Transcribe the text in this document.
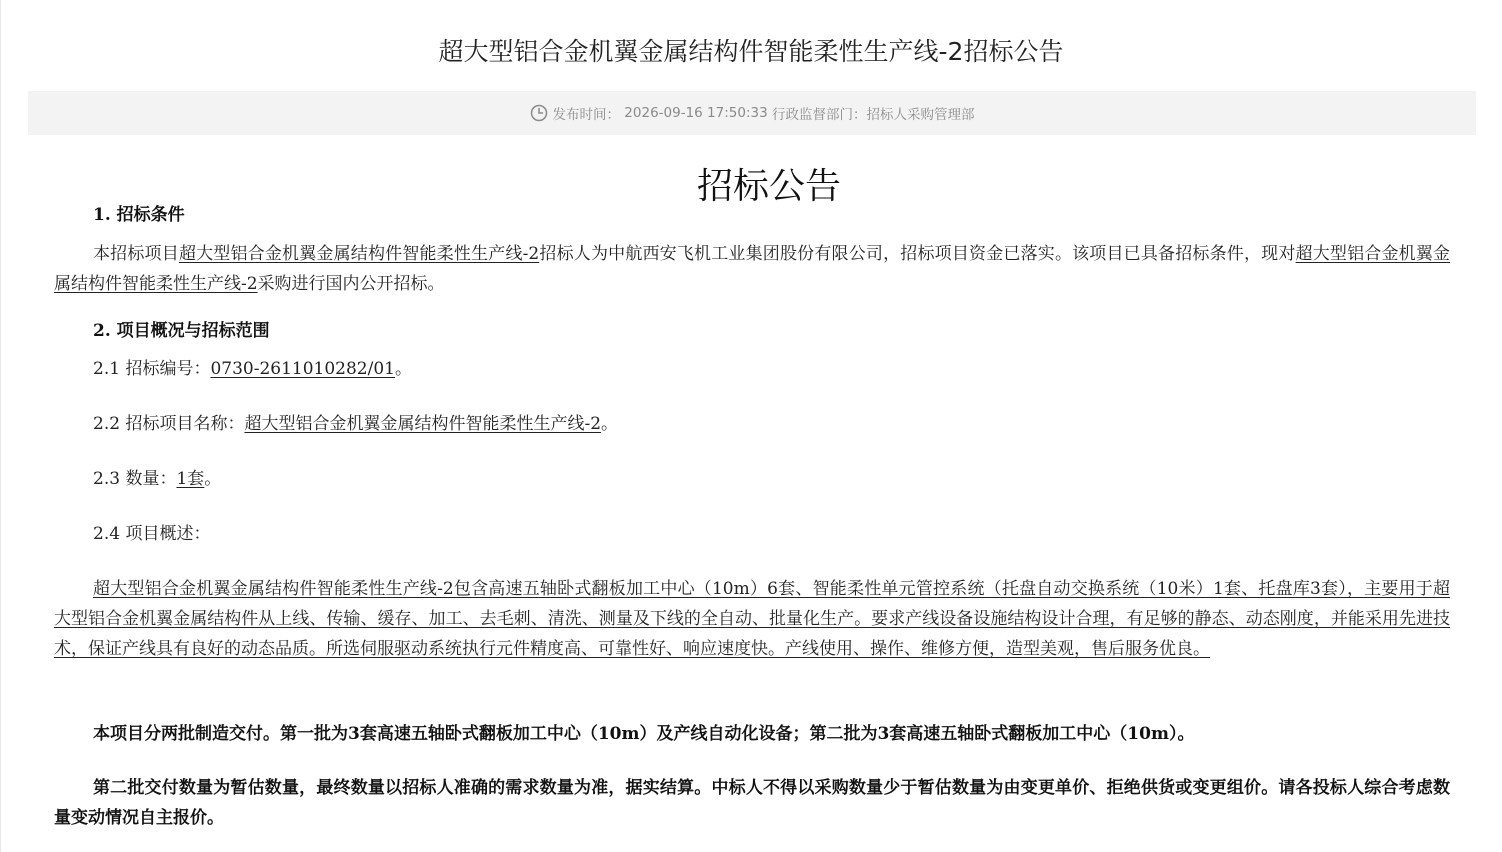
超大型铝合金机翼金属结构件智能柔性生产线-2招标公告
发布时间：
2026-09-16 17:50:33
行政监督部门： 招标人采购管理部
招标公告
1. 招标条件
本招标项目超大型铝合金机翼金属结构件智能柔性生产线-2招标人为中航西安飞机工业集团股份有限公司，招标项目资金已落实。该项目已具备招标条件，现对超大型铝合金机翼金属结构件智能柔性生产线-2采购进行国内公开招标。
2. 项目概况与招标范围
2.1 招标编号：0730-2611010282/01。
2.2 招标项目名称：超大型铝合金机翼金属结构件智能柔性生产线-2。
2.3 数量：1套。
2.4 项目概述：
超大型铝合金机翼金属结构件智能柔性生产线-2包含高速五轴卧式翻板加工中心（10m）6套、智能柔性单元管控系统（托盘自动交换系统（10米）1套、托盘库3套），主要用于超大型铝合金机翼金属结构件从上线、传输、缓存、加工、去毛刺、清洗、测量及下线的全自动、批量化生产。要求产线设备设施结构设计合理，有足够的静态、动态刚度，并能采用先进技术，保证产线具有良好的动态品质。所选伺服驱动系统执行元件精度高、可靠性好、响应速度快。产线使用、操作、维修方便，造型美观，售后服务优良。
本项目分两批制造交付。第一批为3套高速五轴卧式翻板加工中心（10m）及产线自动化设备；第二批为3套高速五轴卧式翻板加工中心（10m）。
第二批交付数量为暂估数量，最终数量以招标人准确的需求数量为准，据实结算。中标人不得以采购数量少于暂估数量为由变更单价、拒绝供货或变更组价。请各投标人综合考虑数量变动情况自主报价。
